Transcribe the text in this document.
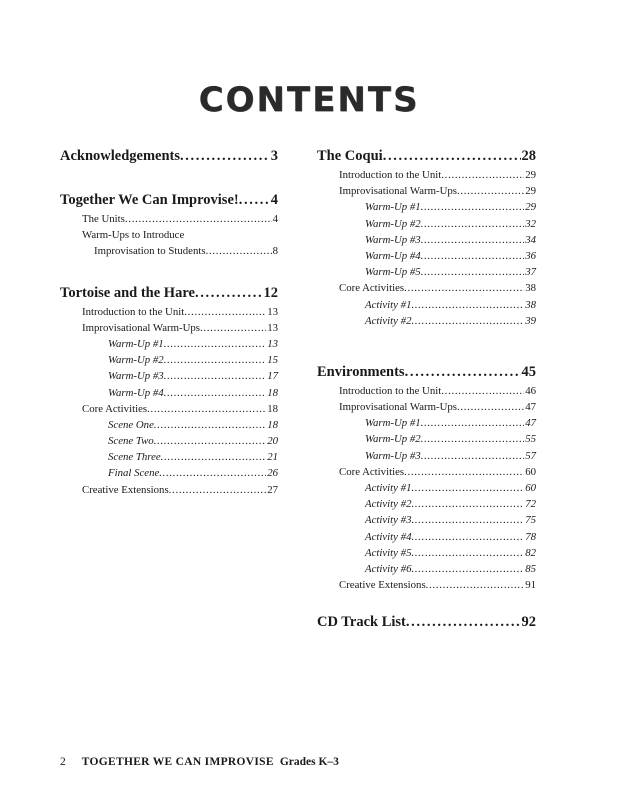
CONTENTS
Acknowledgements . . .	3
Together We Can Improvise! . . . 4
The Units . . .	4
Warm-Ups to Introduce
Improvisation to Students . . .	8
Tortoise and the Hare . . .	12
Introduction to the Unit . . .	13
Improvisational Warm-Ups . . .	13
Warm-Up #1 . . .	13
Warm-Up #2 . . .	15
Warm-Up #3 . . .	17
Warm-Up #4 . . .	18
Core Activities . . .	18
Scene One . . .	18
Scene Two . . .	20
Scene Three . . .	21
Final Scene . . .	26
Creative Extensions . . .	27
The Coqui . . .	28
Introduction to the Unit . . .	29
Improvisational Warm-Ups . . .	29
Warm-Up #1 . . .	29
Warm-Up #2 . . .	32
Warm-Up #3 . . .	34
Warm-Up #4 . . .	36
Warm-Up #5 . . .	37
Core Activities . . .	38
Activity #1 . . .	38
Activity #2 . . .	39
Environments . . .	45
Introduction to the Unit . . .	46
Improvisational Warm-Ups . . .	47
Warm-Up #1 . . .	47
Warm-Up #2 . . .	55
Warm-Up #3 . . .	57
Core Activities . . .	60
Activity #1 . . .	60
Activity #2 . . .	72
Activity #3 . . .	75
Activity #4 . . .	78
Activity #5 . . .	82
Activity #6 . . .	85
Creative Extensions . . .	91
CD Track List . . .	92
2 TOGETHER WE CAN IMPROVISE Grades K–3
